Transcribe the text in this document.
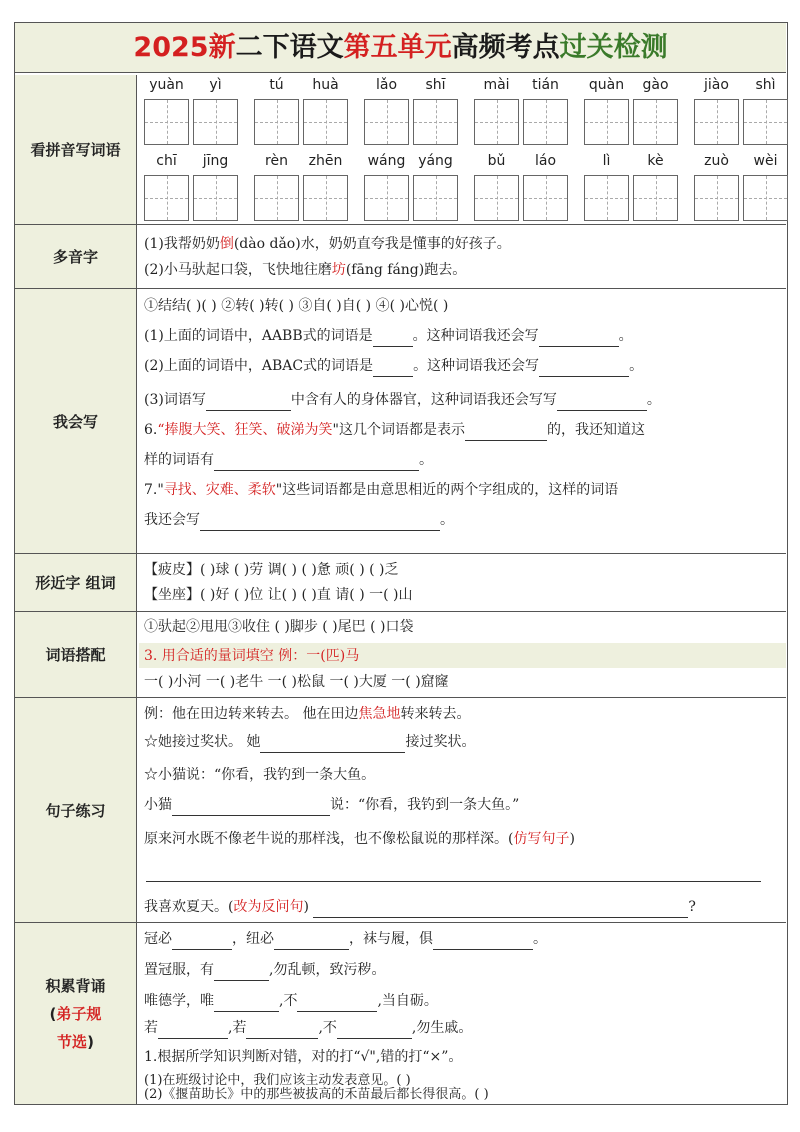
2025新二下语文第五单元高频考点过关检测
看拼音写词语
yuàn	yì	tú	huà	lǎo	shī	mài	tián	quàn	gào	jiào	shì
chī	jīng	rèn	zhēn	wáng yáng	bǔ	láo	lì	kè	zuò	wèi
多音字
(1)我帮奶奶倒(dào dǎo)水，奶奶直夸我是懂事的好孩子。
(2)小马驮起口袋，飞快地往磨坊(fāng fáng)跑去。
我会写
①结结( )( ) ②转( )转( ) ③自( )自( ) ④( )心悦( )
(1)上面的词语中，AABB式的词语是	。这种词语我还会写	。
(2)上面的词语中，ABAC式的词语是	。这种词语我还会写	。
(3)词语写	中含有人的身体器官，这种词语我还会写写	。
6.“捧腹大笑、狂笑、破涕为笑"这几个词语都是表示	的，我还知道这
样的词语有	。
7."寻找、灾难、柔软"这些词语都是由意思相近的两个字组成的，这样的词语
我还会写	。
形近字 组词
【疲皮】( )球 ( )劳 调( ) ( )惫 顽( ) ( )乏
【坐座】( )好 ( )位 让( ) ( )直 请( ) 一( )山
词语搭配
①驮起②甩甩③收住 ( )脚步 ( )尾巴 ( )口袋
3. 用合适的量词填空 例：一(匹)马
一( )小河 一( )老牛 一( )松鼠 一( )大厦 一( )窟窿
句子练习
例：他在田边转来转去。 他在田边焦急地转来转去。
☆她接过奖状。 她	接过奖状。
☆小猫说：“你看，我钓到一条大鱼。
小猫	说：“你看，我钓到一条大鱼。”
原来河水既不像老牛说的那样浅，也不像松鼠说的那样深。(仿写句子)
我喜欢夏天。(改为反问句)	?
积累背诵
(弟子规
节选)
冠必	，纽必	，袜与履，俱	。
置冠服，有	,勿乱顿，致污秽。
唯德学，唯	,不	,当自砺。
若	,若	,不	,勿生戚。
1.根据所学知识判断对错，对的打“√",错的打“×”。
(1)在班级讨论中，我们应该主动发表意见。( )
(2)《揠苗助长》中的那些被拔高的禾苗最后都长得很高。( )
